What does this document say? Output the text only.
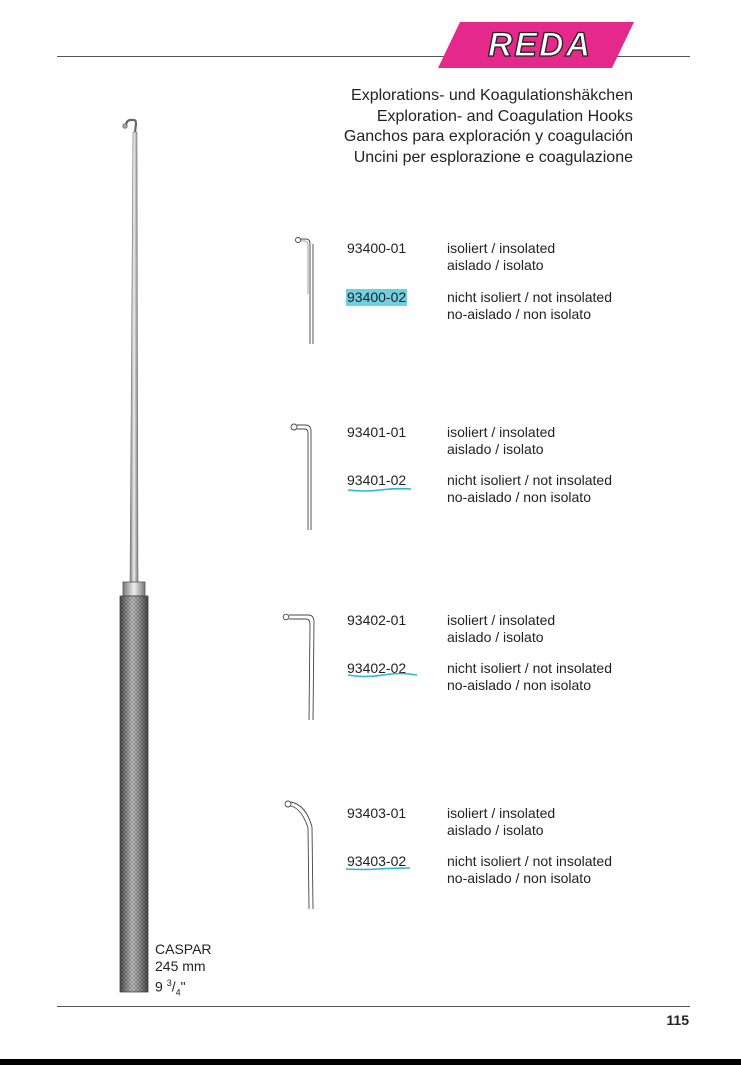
REDA
Explorations- und Koagulationshäkchen
Exploration- and Coagulation Hooks
Ganchos para exploración y coagulación
Uncini per esplorazione e coagulazione
93400-01	isoliert / insolated
aislado / isolato
93400-02	nicht isoliert / not insolated
no-aislado / non isolato
93401-01	isoliert / insolated
aislado / isolato
93401-02	nicht isoliert / not insolated
no-aislado / non isolato
93402-01	isoliert / insolated
aislado / isolato
93402-02	nicht isoliert / not insolated
no-aislado / non isolato
93403-01	isoliert / insolated
aislado / isolato
93403-02	nicht isoliert / not insolated
no-aislado / non isolato
CASPAR
245 mm
9 $^3/_4$"
115
